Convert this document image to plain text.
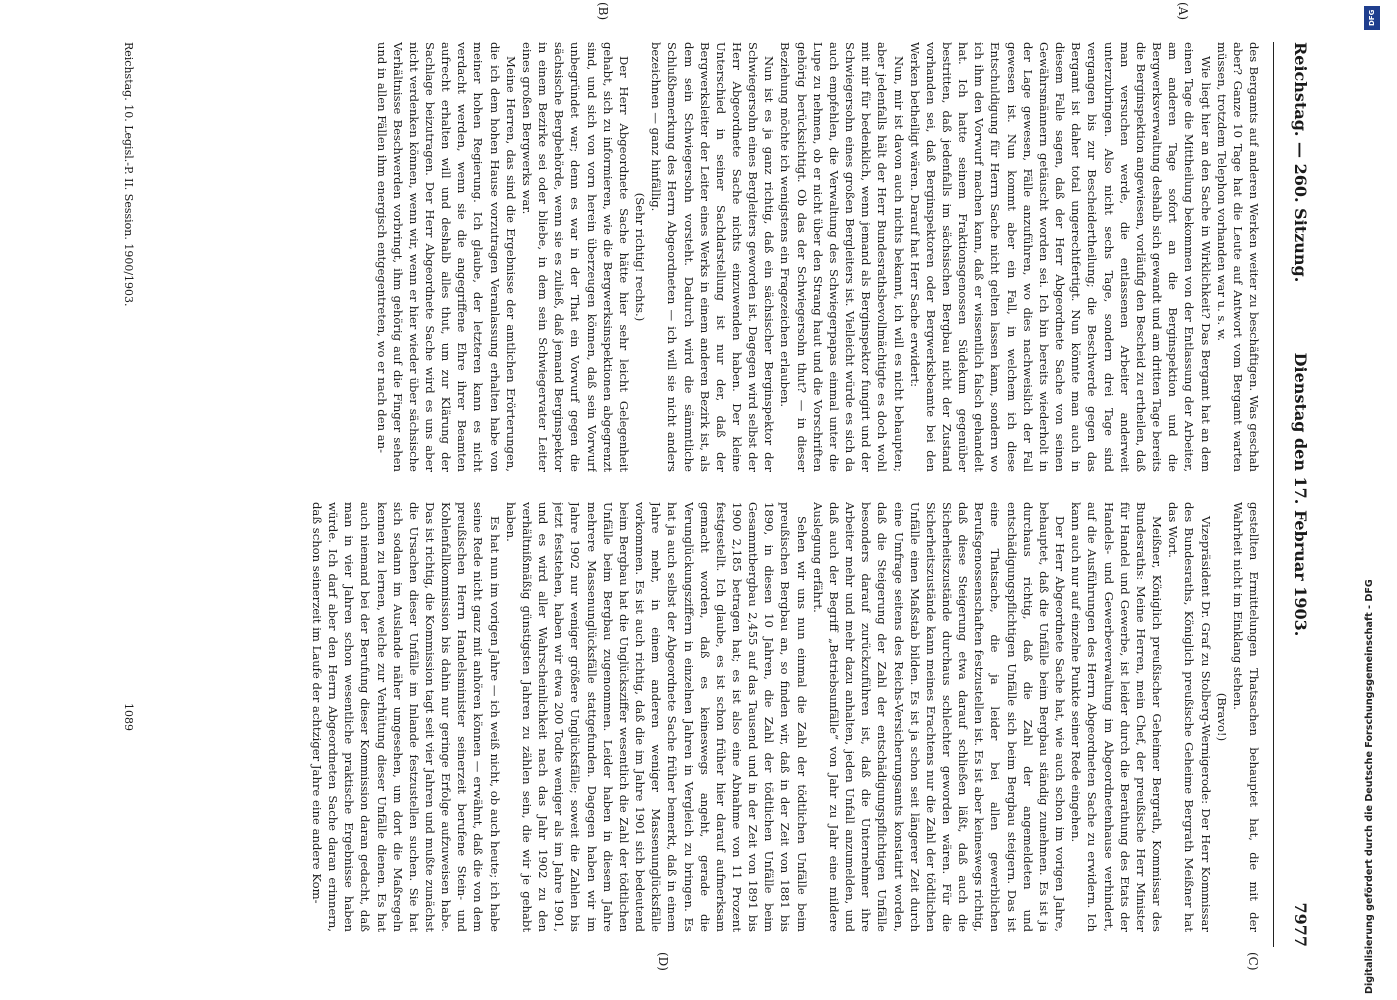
Reichstag. — 260. Sitzung.
Dienstag den 17. Februar 1903.
7977

des Bergamts auf anderen Werken weiter zu beschäftigen. Was geschah aber? Ganze 10 Tage hat die Leute auf Antwort vom Bergamt warten müssen, trotzdem Telephon vorhanden war u. s. w.

Wie liegt hier an den Sache in Wirklichkeit? Das Bergamt hat an dem einen Tage die Mittheilung bekommen von der Entlassung der Arbeiter, am anderen Tage sofort an die Berginspektion und die Bergwerksverwaltung deshalb sich gewandt und am dritten Tage bereits die Berginspektion angewiesen, vorläufig den Bescheid zu ertheilen, daß man versuchen werde, die entlassenen Arbeiter anderweit unterzubringen. Also nicht sechs Tage, sondern drei Tage sind vergangen bis zur Bescheidertheilung; die Beschwerde gegen das Bergamt ist daher total ungerechtfertigt. Nun könnte man auch in diesem Falle sagen, daß der Herr Abgeordnete Sache von seinen Gewährsmännern getäuscht worden sei. Ich bin bereits wiederholt in der Lage gewesen, Fälle anzuführen, wo dies nachweislich der Fall gewesen ist. Nun kommt aber ein Fall, in welchem ich diese Entschuldigung für Herrn Sache nicht gelten lassen kann, sondern wo ich ihm den Vorwurf machen kann, daß er wissentlich falsch gehandelt hat. Ich hatte seinem Fraktionsgenossen Südekum gegenüber bestritten, daß jedenfalls im sächsischen Bergbau nicht der Zustand vorhanden sei, daß Berginspektoren oder Bergwerksbeamte bei den Werken betheiligt wären. Darauf hat Herr Sache erwidert:

Nun, mir ist davon auch nichts bekannt, ich will es nicht behaupten; aber jedenfalls hält der Herr Bundesrathsbevollmächtigte es doch wohl mit mir für bedenklich, wenn jemand als Berginspektor fungirt und der Schwiegersohn eines großen Bergleiters ist. Vielleicht würde es sich da auch empfehlen, die Verwaltung des Schwiegerpapas einmal unter die Lupe zu nehmen, ob er nicht über den Strang haut und die Vorschriften gehörig berücksichtigt. Ob das der Schwiegersohn thut? — in dieser Beziehung möchte ich wenigstens ein Fragezeichen erlauben.

Nun ist es ja ganz richtig, daß ein sächsischer Berginspektor der Schwiegersohn eines Bergleiters geworden ist. Dagegen wird selbst der Herr Abgeordnete Sache nichts einzuwenden haben. Der kleine Unterschied in seiner Sachdarstellung ist nur der, daß der Bergwerksleiter der Leiter eines Werks in einem anderen Bezirk ist, als dem sein Schwiegersohn vorsteht. Dadurch wird die sämmtliche Schlußbemerkung des Herrn Abgeordneten — ich will sie nicht anders bezeichnen — ganz hinfällig.

(Sehr richtig! rechts.)

Der Herr Abgeordnete Sache hätte hier sehr leicht Gelegenheit gehabt, sich zu informieren, wie die Bergwerksinspektionen abgegrenzt sind, und sich von vorn herein überzeugen können, daß sein Vorwurf unbegründet war; denn es war in der That ein Vorwurf gegen die sächsische Bergbehörde, wenn sie es zuließ, daß jemand Berginspektor in einem Bezirke sei oder bliebe, in dem sein Schwiegervater Leiter eines großen Bergwerks war.

Meine Herren, das sind die Ergebnisse der amtlichen Erörterungen, die ich dem hohen Hause vorzutragen Veranlassung erhalten habe von meiner hohen Regierung. Ich glaube, der letzteren kann es nicht verdacht werden, wenn sie die angegriffene Ehre ihrer Beamten aufrecht erhalten will und deshalb alles thut, um zur Klärung der Sachlage beizutragen. Der Herr Abgeordnete Sache wird es uns aber nicht verdenken können, wenn wir, wenn er hier wieder über sächsische Verhältnisse Beschwerden vorbringt, ihm gehörig auf die Finger sehen und in allen Fällen ihm energisch entgegentreten, wo er nach den an-

gestellten Ermittelungen Thatsachen behauptet hat, die mit der Wahrheit nicht im Einklang stehen.

(Bravo!)

Vizepräsident Dr. Graf zu Stolberg-Wernigerode: Der Herr Kommissar des Bundesraths, Königlich preußische Geheime Bergrath Meißner hat das Wort.

Meißner, Königlich preußischer Geheimer Bergrath, Kommissar des Bundesraths: Meine Herren, mein Chef, der preußische Herr Minister für Handel und Gewerbe, ist leider durch die Berathung des Etats der Handels- und Gewerbeverwaltung im Abgeordnetenhause verhindert, auf die Ausführungen des Herrn Abgeordneten Sache zu erwidern. Ich kann auch nur auf einzelne Punkte seiner Rede eingehen.

Der Herr Abgeordnete Sache hat, wie auch schon im vorigen Jahre, behauptet, daß die Unfälle beim Bergbau ständig zunehmen. Es ist ja durchaus richtig, daß die Zahl der angemeldeten und entschädigungspflichtigen Unfälle sich beim Bergbau steigern. Das ist eine Thatsache, die ja leider bei allen gewerblichen Berufsgenossenschaften festzustellen ist. Es ist aber keineswegs richtig, daß diese Steigerung etwa darauf schließen läßt, daß auch die Sicherheitszustände durchaus schlechter geworden wären. Für die Sicherheitszustände kann meines Erachtens nur die Zahl der tödtlichen Unfälle einen Maßstab bilden. Es ist ja schon seit längerer Zeit durch eine Umfrage seitens des Reichs-Versicherungsamts konstatirt worden, daß die Steigerung der Zahl der entschädigungspflichtigen Unfälle besonders darauf zurückzuführen ist, daß die Unternehmer ihre Arbeiter mehr und mehr dazu anhalten, jeden Unfall anzumelden, und daß auch der Begriff „Betriebsunfälle“ von Jahr zu Jahr eine mildere Auslegung erfährt.

Sehen wir uns nun einmal die Zahl der tödtlichen Unfälle beim preußischen Bergbau an, so finden wir, daß in der Zeit von 1881 bis 1890, in diesen 10 Jahren, die Zahl der tödtlichen Unfälle beim Gesammtbergbau 2,455 auf das Tausend und in der Zeit von 1891 bis 1900 2,185 betragen hat; es ist also eine Abnahme von 11 Prozent festgestellt. Ich glaube, es ist schon früher hier darauf aufmerksam gemacht worden, daß es keineswegs angeht, gerade die Verunglückungsziffern in einzelnen Jahren in Vergleich zu bringen. Es hat ja auch selbst der Abgeordnete Sache früher bemerkt, daß in einem Jahre mehr, in einem anderen weniger Massenunglücksfälle vorkommen. Es ist auch richtig, daß die im Jahre 1901 sich bedeutend beim Bergbau hat die Unglücksziffer wesentlich die Zahl der tödtlichen Unfälle beim Bergbau zugenommen. Leider haben in diesem Jahre mehrere Massenunglücksfälle stattgefunden. Dagegen haben wir im Jahre 1902 nur weniger größere Unglücksfälle; soweit die Zahlen bis jetzt feststehen, haben wir etwa 200 Todte weniger als im Jahre 1901, und es wird aller Wahrscheinlichkeit nach das Jahr 1902 zu den verhältnißmäßig günstigsten Jahren zu zählen sein, die wir je gehabt haben.

Es hat nun im vorigen Jahre — ich weiß nicht, ob auch heute; ich habe seine Rede nicht ganz mit anhören können — erwähnt, daß die von dem preußischen Herrn Handelsminister seinerzeit berufene Stein- und Kohlenfallkommission bis dahin nur geringe Erfolge aufzuweisen habe. Das ist richtig, die Kommission tagt seit vier Jahren und mußte zunächst die Ursachen dieser Unfälle im Inlande festzustellen suchen. Sie hat sich sodann im Auslande näher umgesehen, um dort die Maßregeln kennen zu lernen, welche zur Verhütung dieser Unfälle dienen. Es hat auch niemand bei der Berufung dieser Kommission daran gedacht, daß man in vier Jahren schon wesentliche praktische Ergebnisse haben würde. Ich darf aber den Herrn Abgeordneten Sache daran erinnern, daß schon seinerzeit im Laufe der achtziger Jahre eine andere Kom-

(A)
(B)
(C)
(D)
Reichstag. 10. Legisl.-P. II. Session. 1900/1903.
1089
DFG
Digitalisierung gefördert durch die Deutsche Forschungsgemeinschaft - DFG
